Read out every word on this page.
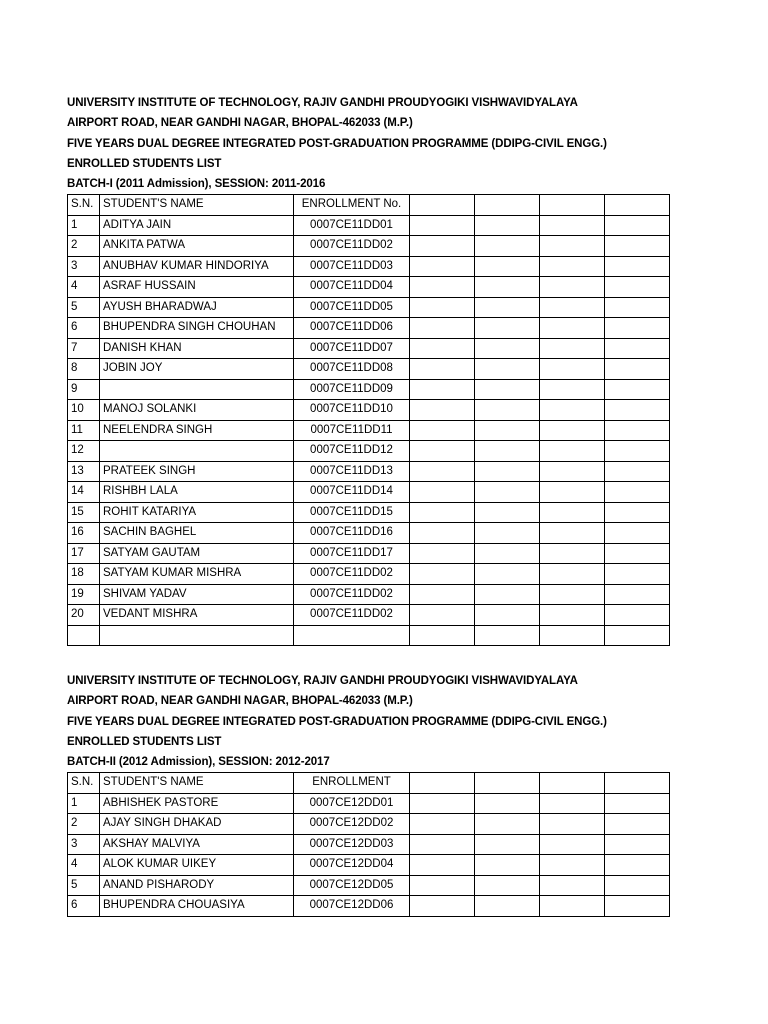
UNIVERSITY INSTITUTE OF TECHNOLOGY, RAJIV GANDHI PROUDYOGIKI VISHWAVIDYALAYA
AIRPORT ROAD, NEAR GANDHI NAGAR, BHOPAL-462033 (M.P.)
FIVE YEARS DUAL DEGREE INTEGRATED POST-GRADUATION PROGRAMME (DDIPG-CIVIL ENGG.)
ENROLLED STUDENTS LIST
BATCH-I (2011 Admission), SESSION: 2011-2016
S.N.	STUDENT'S NAME	ENROLLMENT No.				
1	ADITYA JAIN	0007CE11DD01				
2	ANKITA PATWA	0007CE11DD02				
3	ANUBHAV KUMAR HINDORIYA	0007CE11DD03				
4	ASRAF HUSSAIN	0007CE11DD04				
5	AYUSH BHARADWAJ	0007CE11DD05				
6	BHUPENDRA SINGH CHOUHAN	0007CE11DD06				
7	DANISH KHAN	0007CE11DD07				
8	JOBIN JOY	0007CE11DD08				
9		0007CE11DD09				
10	MANOJ SOLANKI	0007CE11DD10				
11	NEELENDRA SINGH	0007CE11DD11				
12		0007CE11DD12				
13	PRATEEK SINGH	0007CE11DD13				
14	RISHBH LALA	0007CE11DD14				
15	ROHIT KATARIYA	0007CE11DD15				
16	SACHIN BAGHEL	0007CE11DD16				
17	SATYAM GAUTAM	0007CE11DD17				
18	SATYAM KUMAR MISHRA	0007CE11DD02				
19	SHIVAM YADAV	0007CE11DD02				
20	VEDANT MISHRA	0007CE11DD02				

UNIVERSITY INSTITUTE OF TECHNOLOGY, RAJIV GANDHI PROUDYOGIKI VISHWAVIDYALAYA
AIRPORT ROAD, NEAR GANDHI NAGAR, BHOPAL-462033 (M.P.)
FIVE YEARS DUAL DEGREE INTEGRATED POST-GRADUATION PROGRAMME (DDIPG-CIVIL ENGG.)
ENROLLED STUDENTS LIST
BATCH-II (2012 Admission), SESSION: 2012-2017
S.N.	STUDENT'S NAME	ENROLLMENT				
1	ABHISHEK PASTORE	0007CE12DD01				
2	AJAY SINGH DHAKAD	0007CE12DD02				
3	AKSHAY MALVIYA	0007CE12DD03				
4	ALOK KUMAR UIKEY	0007CE12DD04				
5	ANAND PISHARODY	0007CE12DD05				
6	BHUPENDRA CHOUASIYA	0007CE12DD06				
